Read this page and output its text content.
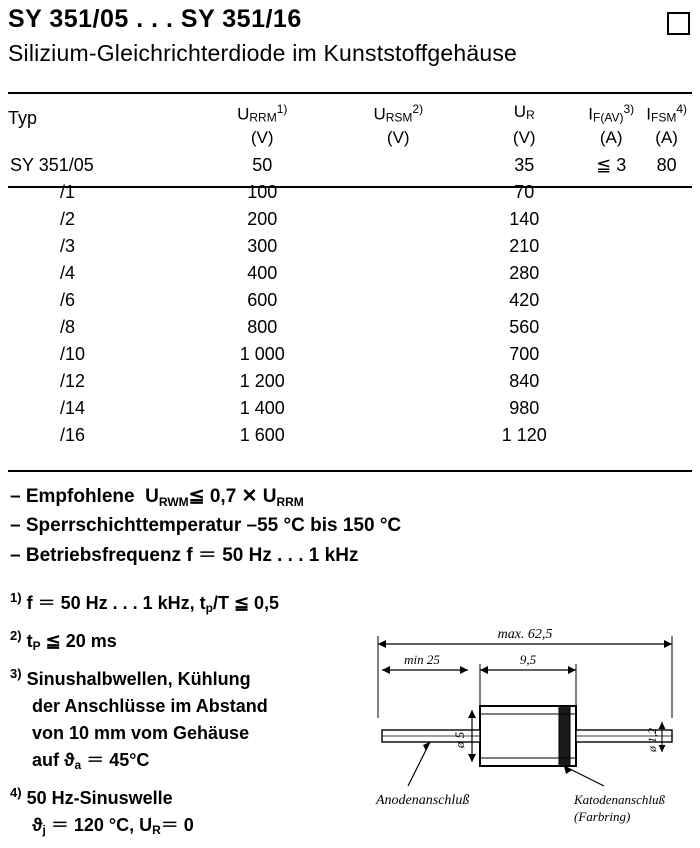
SY 351/05 . . . SY 351/16
Silizium-Gleichrichterdiode im Kunststoffgehäuse
Typ	URRM$^{1)}$	URSM$^{2)}$	UR	IF(AV)$^{3)}$	IFSM$^{4)}$
	(V)	(V)	(V)	(A)	(A)
SY 351/05	50		35	≦ 3	80
/1	100		70		
/2	200		140		
/3	300		210		
/4	400		280		
/6	600		420		
/8	800		560		
/10	1 000		700		
/12	1 200		840		
/14	1 400		980		
/16	1 600		1 120		
– Empfohlene URWM≦ 0,7 ✕ URRM
– Sperrschichttemperatur –55 °C bis 150 °C
– Betriebsfrequenz f ＝ 50 Hz . . . 1 kHz
$^{1)}$ f ＝ 50 Hz . . . 1 kHz, tp/T ≦ 0,5
$^{2)}$ tP ≦ 20 ms
$^{3)}$ Sinushalbwellen, Kühlung
der Anschlüsse im Abstand
von 10 mm vom Gehäuse
auf ϑa ＝ 45°C
$^{4)}$ 50 Hz-Sinuswelle
ϑj ＝ 120 °C, UR＝ 0
max. 62,5
min 25	9,5
ø 5	ø 1,2
Anodenanschluß	Katodenanschluß
(Farbring)
